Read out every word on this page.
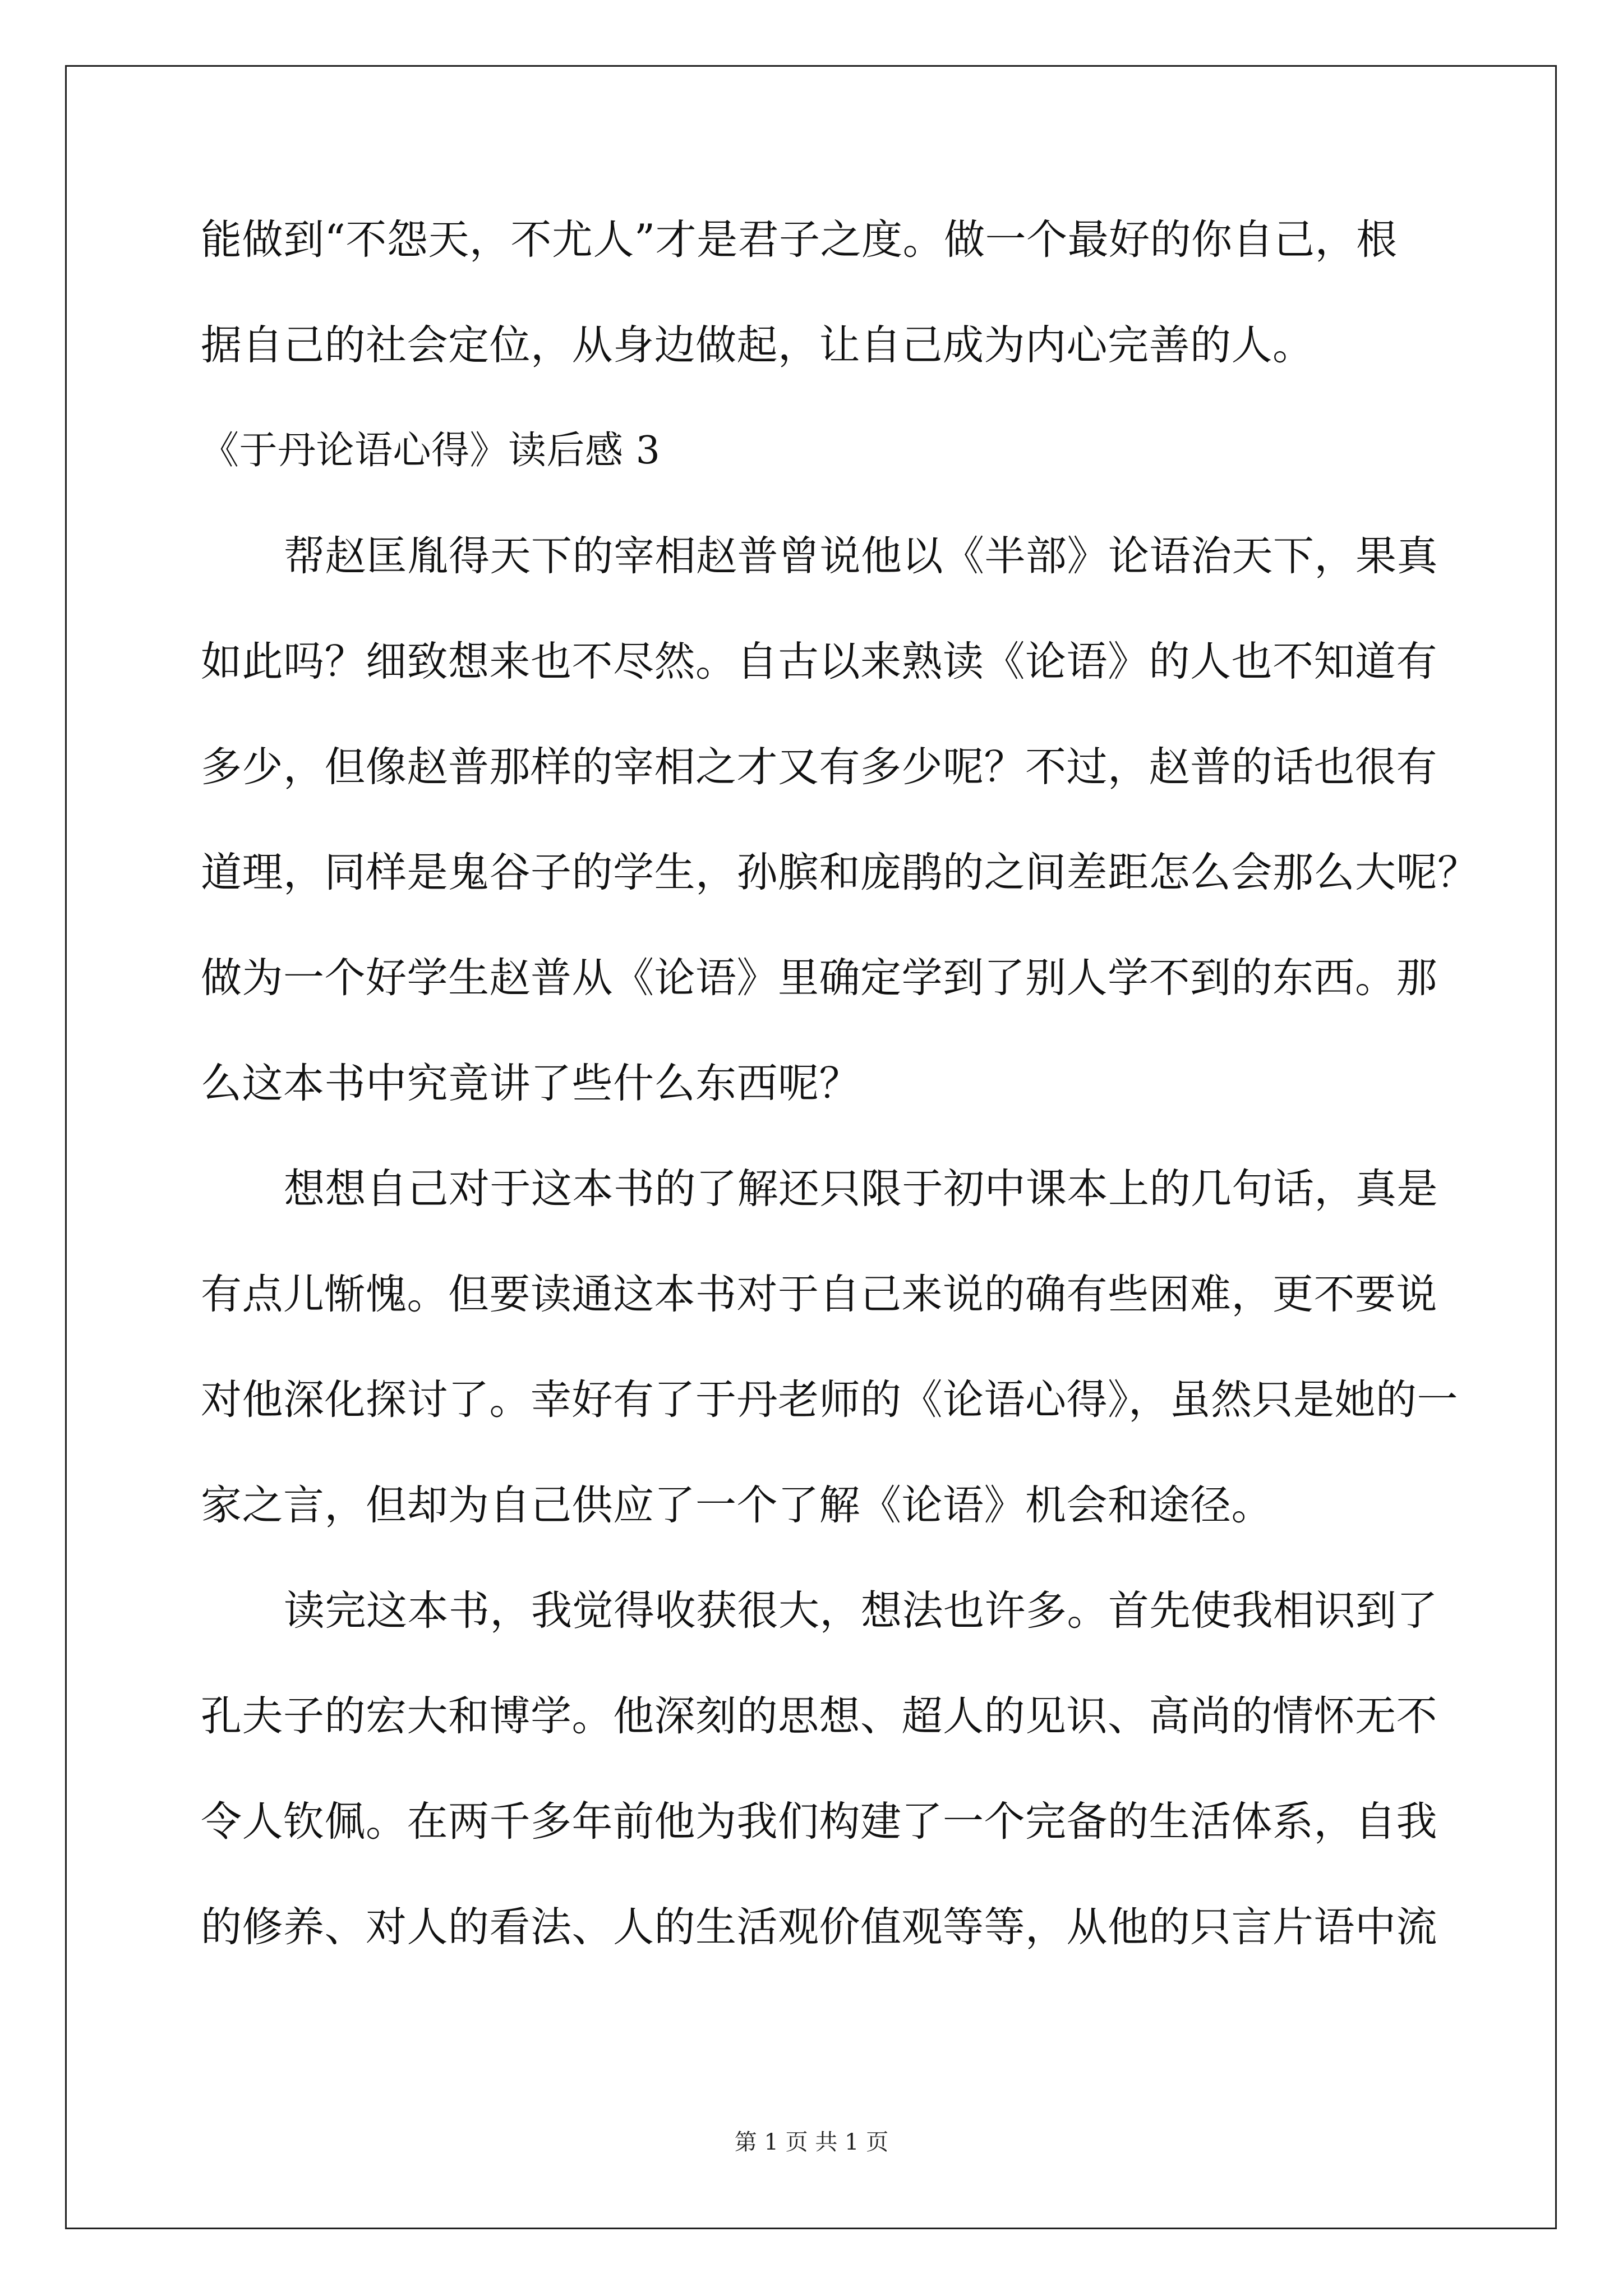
能做到“不怨天，不尤人”才是君子之度。做一个最好的你自己，根

据自己的社会定位，从身边做起，让自己成为内心完善的人。

《于丹论语心得》读后感 3

帮赵匡胤得天下的宰相赵普曾说他以《半部》论语治天下，果真

如此吗？细致想来也不尽然。自古以来熟读《论语》的人也不知道有

多少，但像赵普那样的宰相之才又有多少呢？不过，赵普的话也很有

道理，同样是鬼谷子的学生，孙膑和庞鹃的之间差距怎么会那么大呢？

做为一个好学生赵普从《论语》里确定学到了别人学不到的东西。那

么这本书中究竟讲了些什么东西呢？

想想自己对于这本书的了解还只限于初中课本上的几句话，真是

有点儿惭愧。但要读通这本书对于自己来说的确有些困难，更不要说

对他深化探讨了。幸好有了于丹老师的《论语心得》，虽然只是她的一

家之言，但却为自己供应了一个了解《论语》机会和途径。

读完这本书，我觉得收获很大，想法也许多。首先使我相识到了

孔夫子的宏大和博学。他深刻的思想、超人的见识、高尚的情怀无不

令人钦佩。在两千多年前他为我们构建了一个完备的生活体系，自我

的修养、对人的看法、人的生活观价值观等等，从他的只言片语中流

第 1 页 共 1 页
